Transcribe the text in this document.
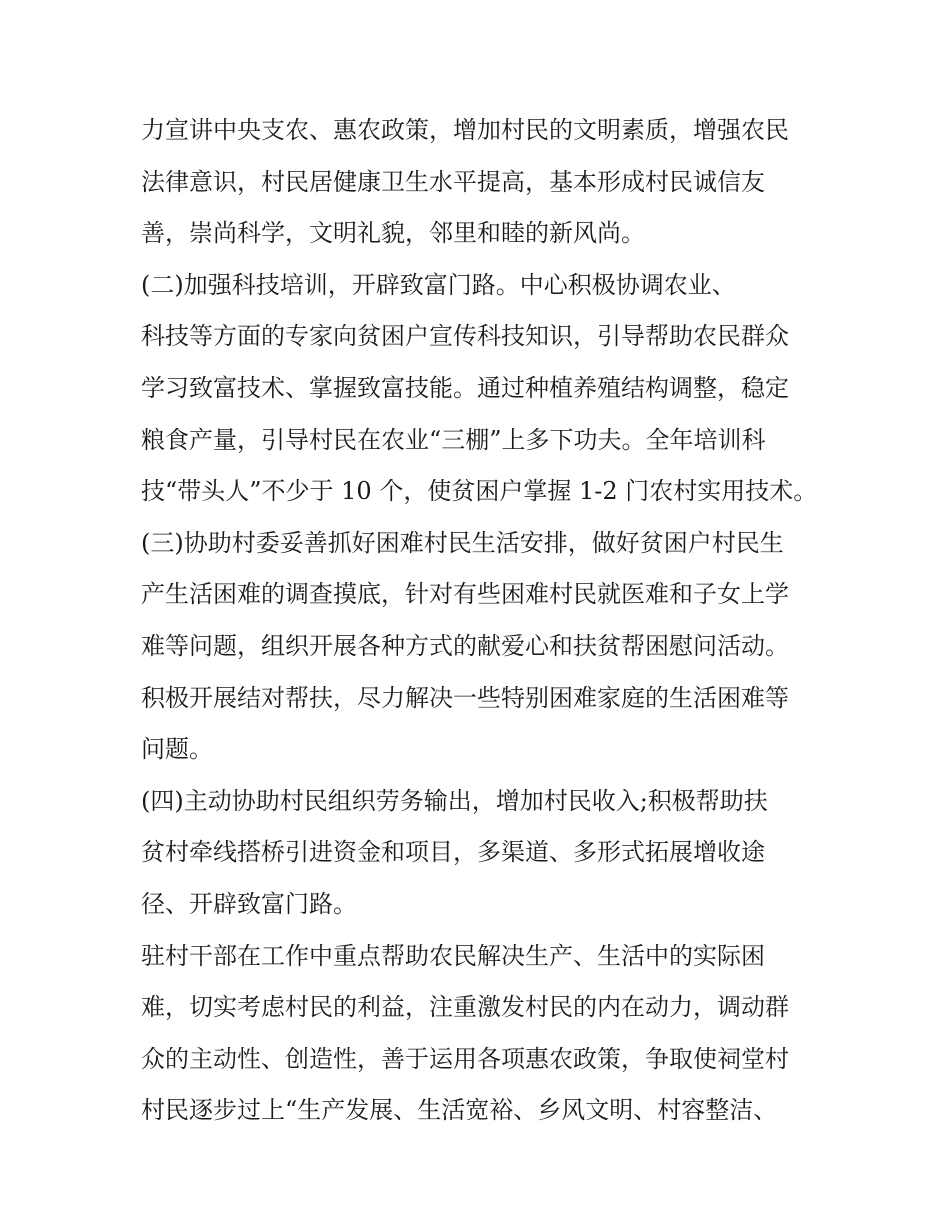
力宣讲中央支农、惠农政策，增加村民的文明素质，增强农民
法律意识，村民居健康卫生水平提高，基本形成村民诚信友
善，崇尚科学，文明礼貌，邻里和睦的新风尚。
(二)加强科技培训，开辟致富门路。中心积极协调农业、
科技等方面的专家向贫困户宣传科技知识，引导帮助农民群众
学习致富技术、掌握致富技能。通过种植养殖结构调整，稳定
粮食产量，引导村民在农业“三棚”上多下功夫。全年培训科
技“带头人”不少于 10 个，使贫困户掌握 1-2 门农村实用技术。
(三)协助村委妥善抓好困难村民生活安排，做好贫困户村民生
产生活困难的调查摸底，针对有些困难村民就医难和子女上学
难等问题，组织开展各种方式的献爱心和扶贫帮困慰问活动。
积极开展结对帮扶，尽力解决一些特别困难家庭的生活困难等
问题。
(四)主动协助村民组织劳务输出，增加村民收入;积极帮助扶
贫村牵线搭桥引进资金和项目，多渠道、多形式拓展增收途
径、开辟致富门路。
驻村干部在工作中重点帮助农民解决生产、生活中的实际困
难，切实考虑村民的利益，注重激发村民的内在动力，调动群
众的主动性、创造性，善于运用各项惠农政策，争取使祠堂村
村民逐步过上“生产发展、生活宽裕、乡风文明、村容整洁、
